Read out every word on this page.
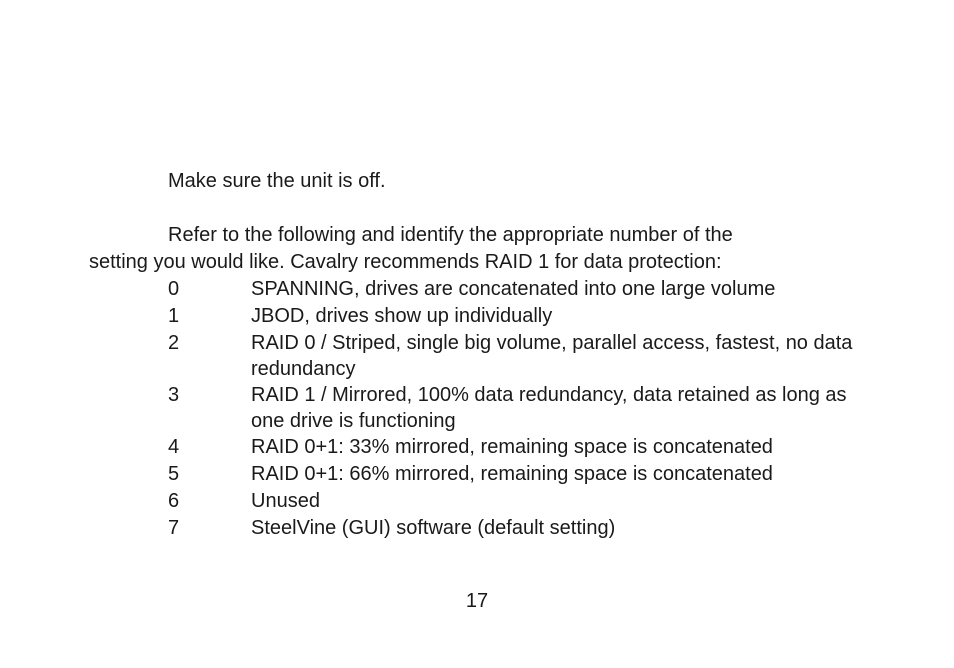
Make sure the unit is off.
Refer to the following and identify the appropriate number of the
setting you would like. Cavalry recommends RAID 1 for data protection:
0	SPANNING, drives are concatenated into one large volume
1	JBOD, drives show up individually
2	RAID 0 / Striped, single big volume, parallel access, fastest, no data redundancy
3	RAID 1 / Mirrored, 100% data redundancy, data retained as long as one drive is functioning
4	RAID 0+1: 33% mirrored, remaining space is concatenated
5	RAID 0+1: 66% mirrored, remaining space is concatenated
6	Unused
7	SteelVine (GUI) software (default setting)
17
